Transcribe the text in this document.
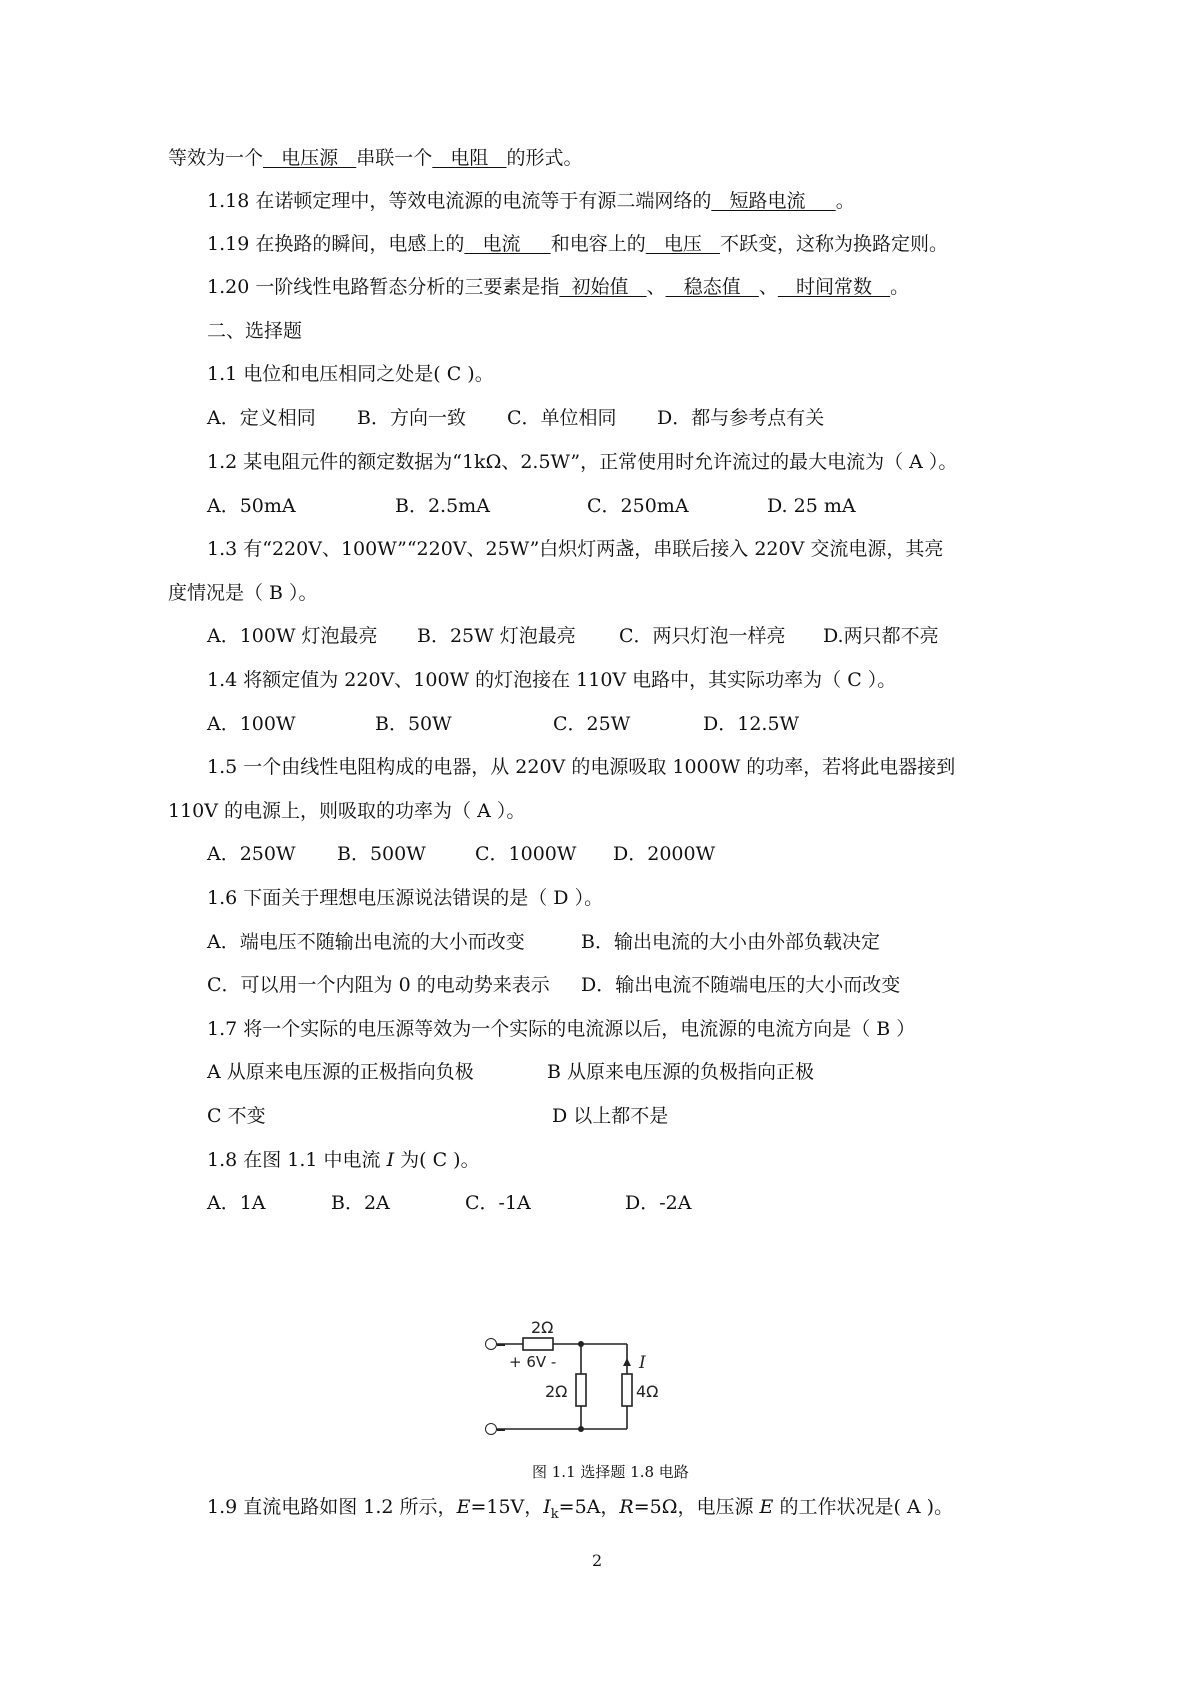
等效为一个   电压源   串联一个   电阻   的形式。
1.18 在诺顿定理中，等效电流源的电流等于有源二端网络的   短路电流     。
1.19 在换路的瞬间，电感上的   电流     和电容上的   电压   不跃变，这称为换路定则。
1.20 一阶线性电路暂态分析的三要素是指  初始值   、   稳态值   、   时间常数   。
二、选择题
1.1 电位和电压相同之处是( C )。
A．定义相同 B．方向一致 C．单位相同 D．都与参考点有关
1.2 某电阻元件的额定数据为“1kΩ、2.5W”，正常使用时允许流过的最大电流为（ A ）。
A．50mA	B．2.5mA	C．250mA	D. 25 mA
1.3 有“220V、100W”“220V、25W”白炽灯两盏，串联后接入 220V 交流电源，其亮
度情况是（ B ）。
A．100W 灯泡最亮 B．25W 灯泡最亮 C．两只灯泡一样亮 D.两只都不亮
1.4 将额定值为 220V、100W 的灯泡接在 110V 电路中，其实际功率为（ C ）。
A．100W	B．50W	C．25W	D．12.5W
1.5 一个由线性电阻构成的电器，从 220V 的电源吸取 1000W 的功率，若将此电器接到
110V 的电源上，则吸取的功率为（ A ）。
A．250W B．500W	C．1000W D．2000W
1.6 下面关于理想电压源说法错误的是（ D ）。
A．端电压不随输出电流的大小而改变	B．输出电流的大小由外部负载决定
C．可以用一个内阻为 0 的电动势来表示 D．输出电流不随端电压的大小而改变
1.7 将一个实际的电压源等效为一个实际的电流源以后，电流源的电流方向是（ B ）
A 从原来电压源的正极指向负极	B 从原来电压源的负极指向正极
C 不变	D 以上都不是
1.8 在图 1.1 中电流 I 为( C )。
A．1A	B．2A	C．-1A	D．-2A
2Ω
+ 6V -
2Ω	4Ω
I
图 1.1 选择题 1.8 电路
1.9 直流电路如图 1.2 所示，E=15V，$I_k=5A$，R=5Ω，电压源 E 的工作状况是( A )。
2
